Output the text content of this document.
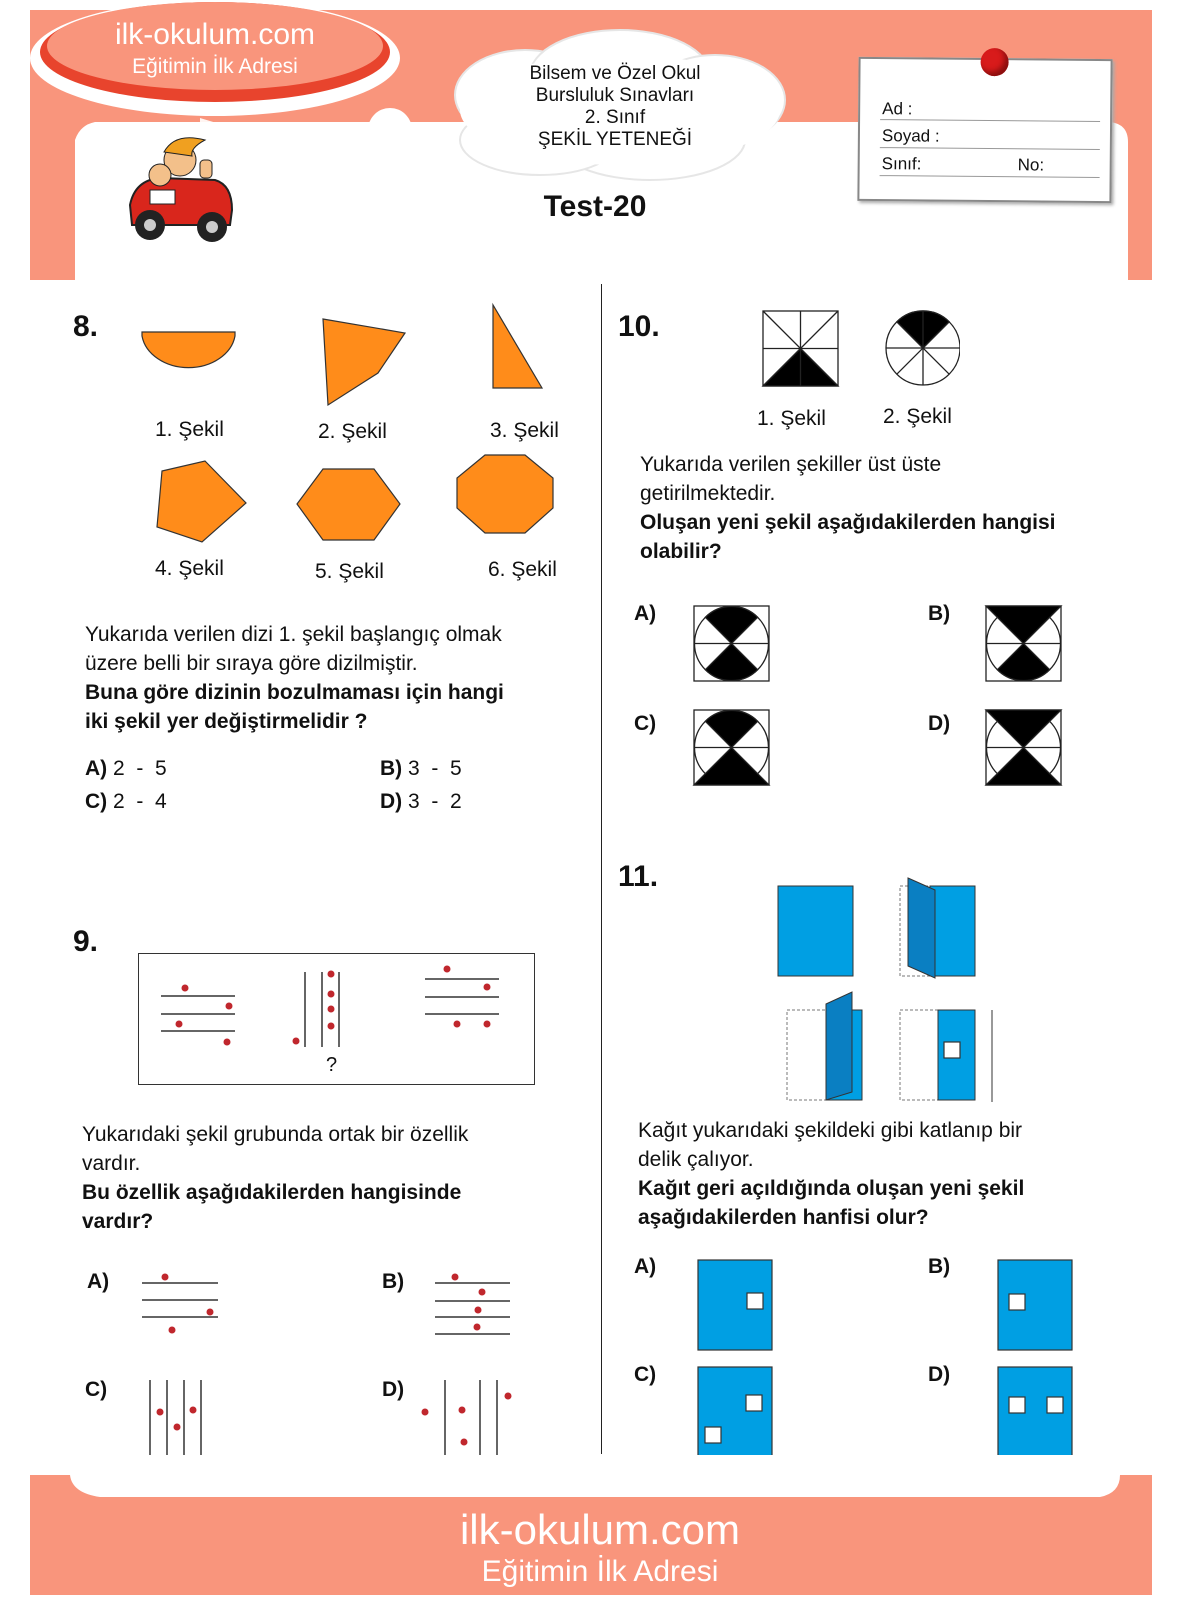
ilk-okulum.com
Eğitimin İlk Adresi	Bilsem ve Özel Okul
Bursluluk Sınavları
2. Sınıf
ŞEKİL YETENEĞİ
Test-20
Ad :
Soyad :
Sınıf:	No:
8.
1. Şekil	2. Şekil	3. Şekil
4. Şekil	5. Şekil	6. Şekil
Yukarıda verilen dizi 1. şekil başlangıç olmak
üzere belli bir sıraya göre dizilmiştir.
Buna göre dizinin bozulmaması için hangi
iki şekil yer değiştirmelidir ?
A) 2  -  5	B) 3  -  5
C) 2  -  4	D) 3  -  2
9.
?
Yukarıdaki şekil grubunda ortak bir özellik
vardır.
Bu özellik aşağıdakilerden hangisinde
vardır?
A)	B)
C)	D)
10.
1. Şekil	2. Şekil
Yukarıda verilen şekiller üst üste
getirilmektedir.
Oluşan yeni şekil aşağıdakilerden hangisi
olabilir?
A)	B)
C)	D)
11.
Kağıt yukarıdaki şekildeki gibi katlanıp bir
delik çalıyor.
Kağıt geri açıldığında oluşan yeni şekil
aşağıdakilerden hanfisi olur?
A)	B)
C)	D)
ilk-okulum.com
Eğitimin İlk Adresi
